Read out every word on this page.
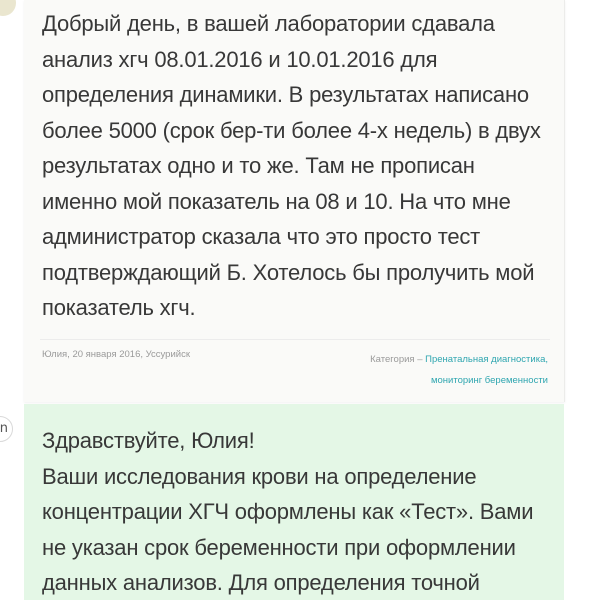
Добрый день, в вашей лаборатории сдавала анализ хгч 08.01.2016 и 10.01.2016 для определения динамики. В результатах написано более 5000 (срок бер-ти более 4-х недель) в двух результатах одно и то же. Там не прописан именно мой показатель на 08 и 10. На что мне администратор сказала что это просто тест подтверждающий Б. Хотелось бы пролучить мой показатель хгч.

Юлия, 20 января 2016, Уссурийск	Категория – Пренатальная диагностика,
мониторинг беременности

Здравствуйте, Юлия!
Ваши исследования крови на определение концентрации ХГЧ оформлены как «Тест». Вами не указан срок беременности при оформлении данных анализов. Для определения точной

n
